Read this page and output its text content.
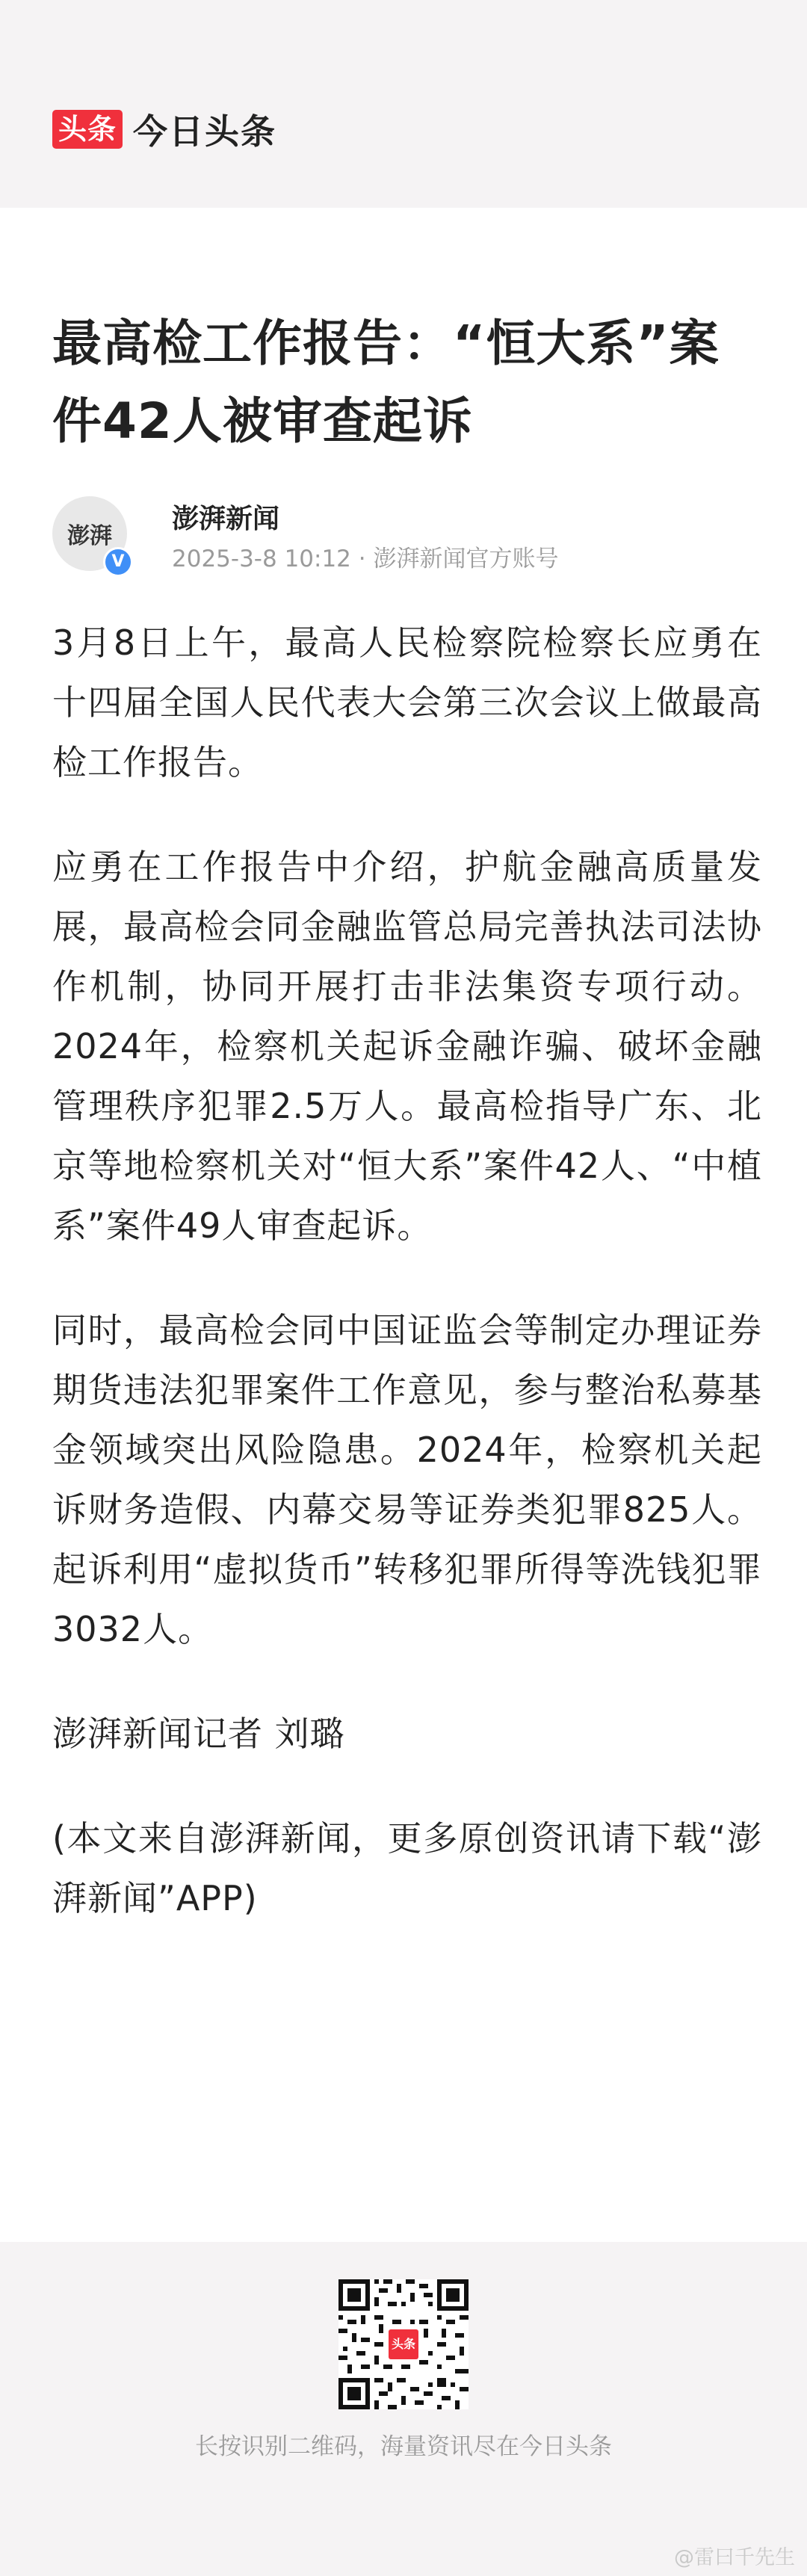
头条 今日头条
最高检工作报告：“恒大系”案件42人被审查起诉
澎湃
V
澎湃新闻
2025-3-8 10:12 · 澎湃新闻官方账号

3月8日上午，最高人民检察院检察长应勇在十四届全国人民代表大会第三次会议上做最高检工作报告。

应勇在工作报告中介绍，护航金融高质量发展，最高检会同金融监管总局完善执法司法协作机制，协同开展打击非法集资专项行动。2024年，检察机关起诉金融诈骗、破坏金融管理秩序犯罪2.5万人。最高检指导广东、北京等地检察机关对“恒大系”案件42人、“中植系”案件49人审查起诉。

同时，最高检会同中国证监会等制定办理证券期货违法犯罪案件工作意见，参与整治私募基金领域突出风险隐患。2024年，检察机关起诉财务造假、内幕交易等证券类犯罪825人。起诉利用“虚拟货币”转移犯罪所得等洗钱犯罪3032人。

澎湃新闻记者 刘璐

(本文来自澎湃新闻，更多原创资讯请下载“澎湃新闻”APP)

头条
长按识别二维码，海量资讯尽在今日头条
@雷曰千先生
